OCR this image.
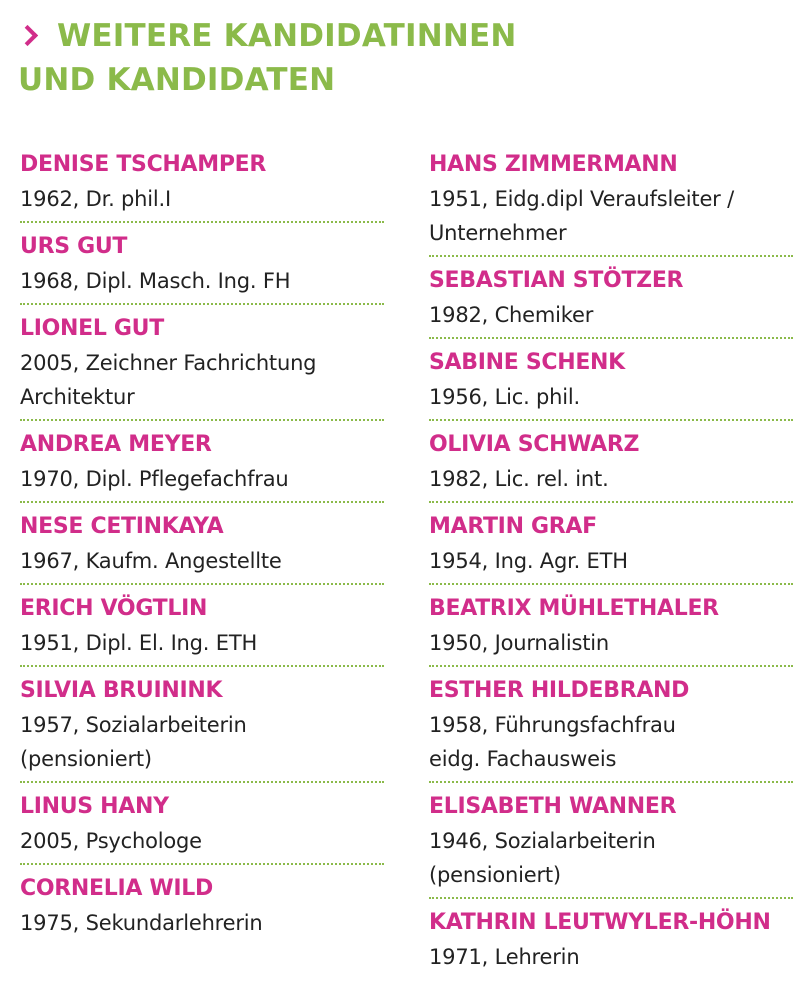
WEITERE KANDIDATINNEN
UND KANDIDATEN
DENISE TSCHAMPER
1962, Dr. phil.I
URS GUT
1968, Dipl. Masch. Ing. FH
LIONEL GUT
2005, Zeichner Fachrichtung
Architektur
ANDREA MEYER
1970, Dipl. Pflegefachfrau
NESE CETINKAYA
1967, Kaufm. Angestellte
ERICH VÖGTLIN
1951, Dipl. El. Ing. ETH
SILVIA BRUININK
1957, Sozialarbeiterin
(pensioniert)
LINUS HANY
2005, Psychologe
CORNELIA WILD
1975, Sekundarlehrerin
HANS ZIMMERMANN
1951, Eidg.dipl Veraufsleiter /
Unternehmer
SEBASTIAN STÖTZER
1982, Chemiker
SABINE SCHENK
1956, Lic. phil.
OLIVIA SCHWARZ
1982, Lic. rel. int.
MARTIN GRAF
1954, Ing. Agr. ETH
BEATRIX MÜHLETHALER
1950, Journalistin
ESTHER HILDEBRAND
1958, Führungsfachfrau
eidg. Fachausweis
ELISABETH WANNER
1946, Sozialarbeiterin
(pensioniert)
KATHRIN LEUTWYLER-HÖHN
1971, Lehrerin
